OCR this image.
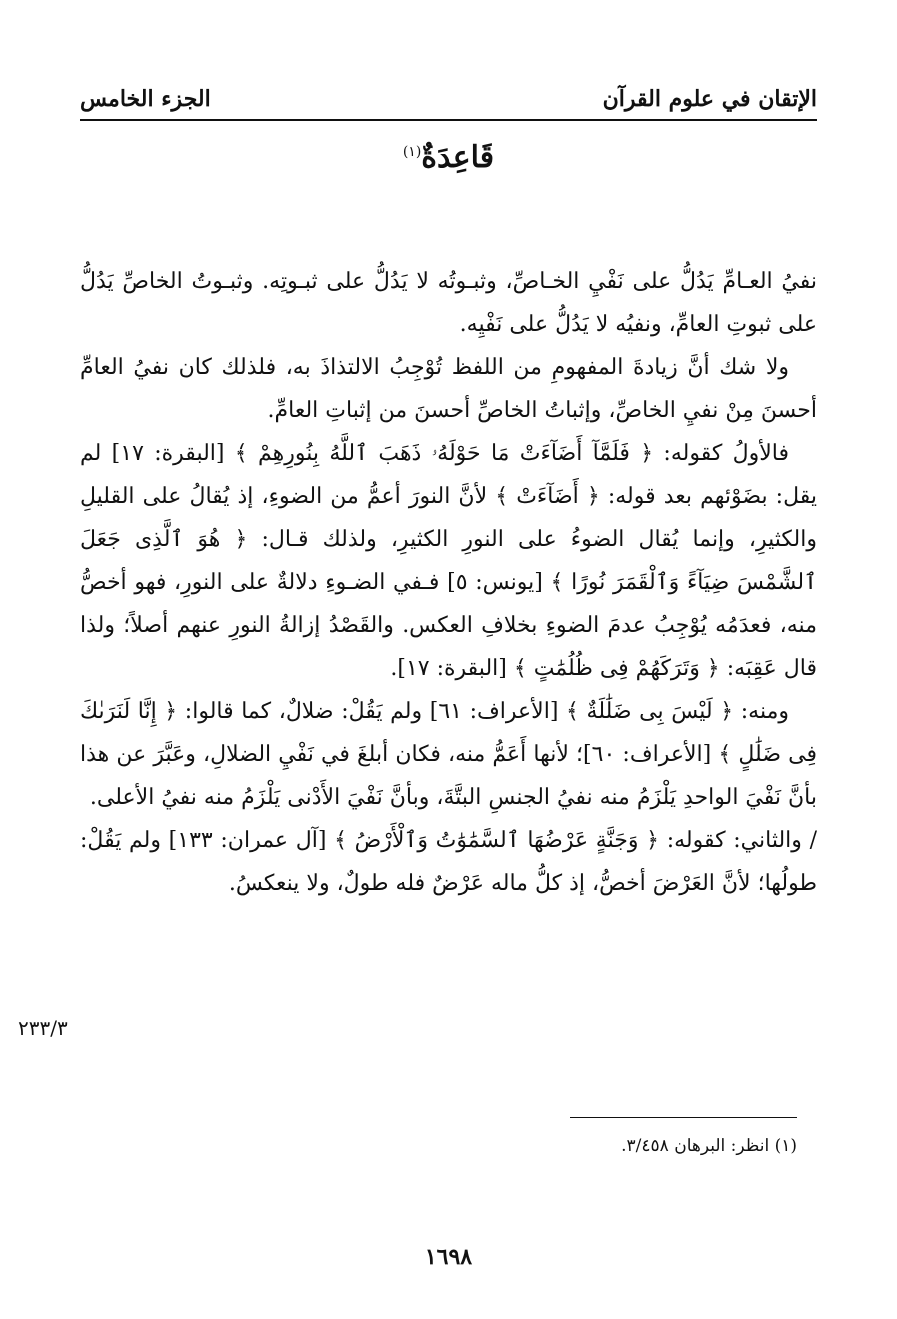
الإتقان في علوم القرآن
الجزء الخامس
قَاعِدَةٌ$^{(١)}$

نفيُ العـامِّ يَدُلُّ على نَفْيِ الخـاصِّ، وثبـوتُه لا يَدُلُّ على ثبـوتِه. وثبـوتُ الخاصِّ يَدُلُّ على ثبوتِ العامِّ، ونفيُه لا يَدُلُّ على نَفْيِه.

ولا شك أنَّ زيادةَ المفهومِ من اللفظ تُوْجِبُ الالتذاذَ به، فلذلك كان نفيُ العامِّ أحسنَ مِنْ نفيِ الخاصِّ، وإثباتُ الخاصِّ أحسنَ من إثباتِ العامِّ.

فالأولُ كقوله: ﴿ فَلَمَّآ أَضَآءَتْ مَا حَوْلَهُۥ ذَهَبَ ٱللَّهُ بِنُورِهِمْ ﴾ [البقرة: ١٧] لم يقل: بضَوْئهم بعد قوله: ﴿ أَضَآءَتْ ﴾ لأنَّ النورَ أعمُّ من الضوءِ، إذ يُقالُ على القليلِ والكثيرِ، وإنما يُقال الضوءُ على النورِ الكثيرِ، ولذلك قـال: ﴿ هُوَ ٱلَّذِى جَعَلَ ٱلشَّمْسَ ضِيَآءً وَٱلْقَمَرَ نُورًا ﴾ [يونس: ٥] فـفي الضـوءِ دلالةٌ على النورِ، فهو أخصُّ منه، فعدَمُه يُوْجِبُ عدمَ الضوءِ بخلافِ العكس. والقَصْدُ إزالةُ النورِ عنهم أصلاً؛ ولذا قال عَقِبَه: ﴿ وَتَرَكَهُمْ فِى ظُلُمَٰتٍ ﴾ [البقرة: ١٧].

ومنه: ﴿ لَيْسَ بِى ضَلَٰلَةٌ ﴾ [الأعراف: ٦١] ولم يَقُلْ: ضلالٌ، كما قالوا: ﴿ إِنَّا لَنَرَىٰكَ فِى ضَلَٰلٍ ﴾ [الأعراف: ٦٠]؛ لأنها أَعَمُّ منه، فكان أبلغَ في نَفْيِ الضلالِ، وعَبَّرَ عن هذا بأنَّ نَفْيَ الواحدِ يَلْزَمُ منه نفيُ الجنسِ البتَّةَ، وبأنَّ نَفْيَ الأَدْنى يَلْزَمُ منه نفيُ الأعلى.

/ والثاني: كقوله: ﴿ وَجَنَّةٍ عَرْضُهَا ٱلسَّمَٰوَٰتُ وَٱلْأَرْضُ ﴾ [آل عمران: ١٣٣] ولم يَقُلْ: طولُها؛ لأنَّ العَرْضَ أخصُّ، إذ كلُّ ماله عَرْضٌ فله طولٌ، ولا ينعكسُ.

٢٣٣/٣
(١) انظر: البرهان ٣/٤٥٨.
١٦٩٨
